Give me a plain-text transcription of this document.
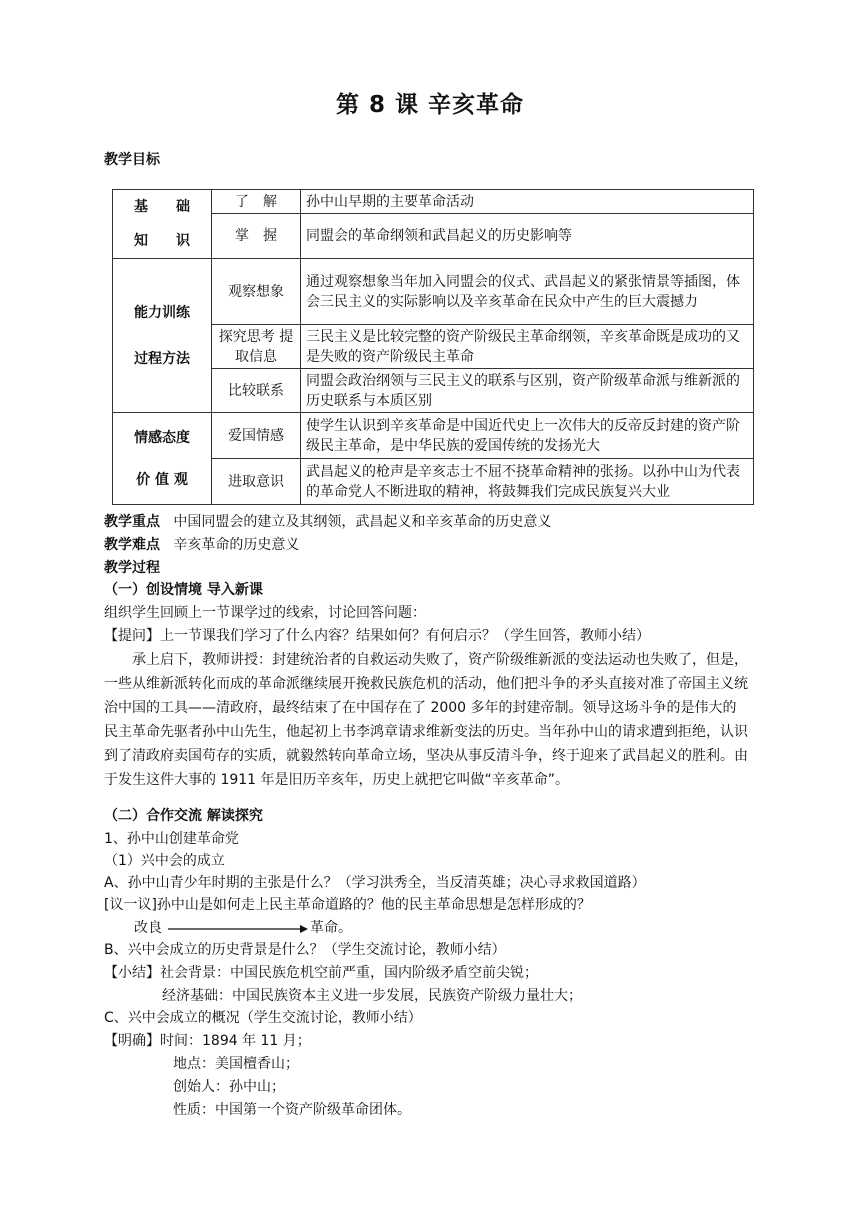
第 8 课 辛亥革命
教学目标
基　　础
知　　识	了　解	孙中山早期的主要革命活动
	掌　握	同盟会的革命纲领和武昌起义的历史影响等

能力训练
过程方法	观察想象	通过观察想象当年加入同盟会的仪式、武昌起义的紧张情景等插图，体会三民主义的实际影响以及辛亥革命在民众中产生的巨大震撼力
	探究思考 提取信息	三民主义是比较完整的资产阶级民主革命纲领，辛亥革命既是成功的又是失败的资产阶级民主革命
	比较联系	同盟会政治纲领与三民主义的联系与区别，资产阶级革命派与维新派的历史联系与本质区别

情感态度
价 值 观	爱国情感	使学生认识到辛亥革命是中国近代史上一次伟大的反帝反封建的资产阶级民主革命，是中华民族的爱国传统的发扬光大
	进取意识	武昌起义的枪声是辛亥志士不屈不挠革命精神的张扬。以孙中山为代表的革命党人不断进取的精神，将鼓舞我们完成民族复兴大业
教学重点 中国同盟会的建立及其纲领，武昌起义和辛亥革命的历史意义
教学难点 辛亥革命的历史意义
教学过程
（一）创设情境 导入新课
组织学生回顾上一节课学过的线索，讨论回答问题：
【提问】上一节课我们学习了什么内容？结果如何？有何启示？（学生回答，教师小结）
承上启下，教师讲授：封建统治者的自救运动失败了，资产阶级维新派的变法运动也失败了，但是，一些从维新派转化而成的革命派继续展开挽救民族危机的活动，他们把斗争的矛头直接对准了帝国主义统治中国的工具——清政府，最终结束了在中国存在了 2000 多年的封建帝制。领导这场斗争的是伟大的民主革命先驱者孙中山先生，他起初上书李鸿章请求维新变法的历史。当年孙中山的请求遭到拒绝，认识到了清政府卖国苟存的实质，就毅然转向革命立场，坚决从事反清斗争，终于迎来了武昌起义的胜利。由于发生这件大事的 1911 年是旧历辛亥年，历史上就把它叫做“辛亥革命”。
（二）合作交流 解读探究
1、孙中山创建革命党
（1）兴中会的成立
A、孙中山青少年时期的主张是什么？（学习洪秀全，当反清英雄；决心寻求救国道路）
[议一议]孙中山是如何走上民主革命道路的？他的民主革命思想是怎样形成的？
改良	革命。
B、兴中会成立的历史背景是什么？（学生交流讨论，教师小结）
【小结】社会背景：中国民族危机空前严重，国内阶级矛盾空前尖锐；
经济基础：中国民族资本主义进一步发展，民族资产阶级力量壮大；
C、兴中会成立的概况（学生交流讨论，教师小结）
【明确】时间：1894 年 11 月；
地点：美国檀香山；
创始人：孙中山；
性质：中国第一个资产阶级革命团体。
